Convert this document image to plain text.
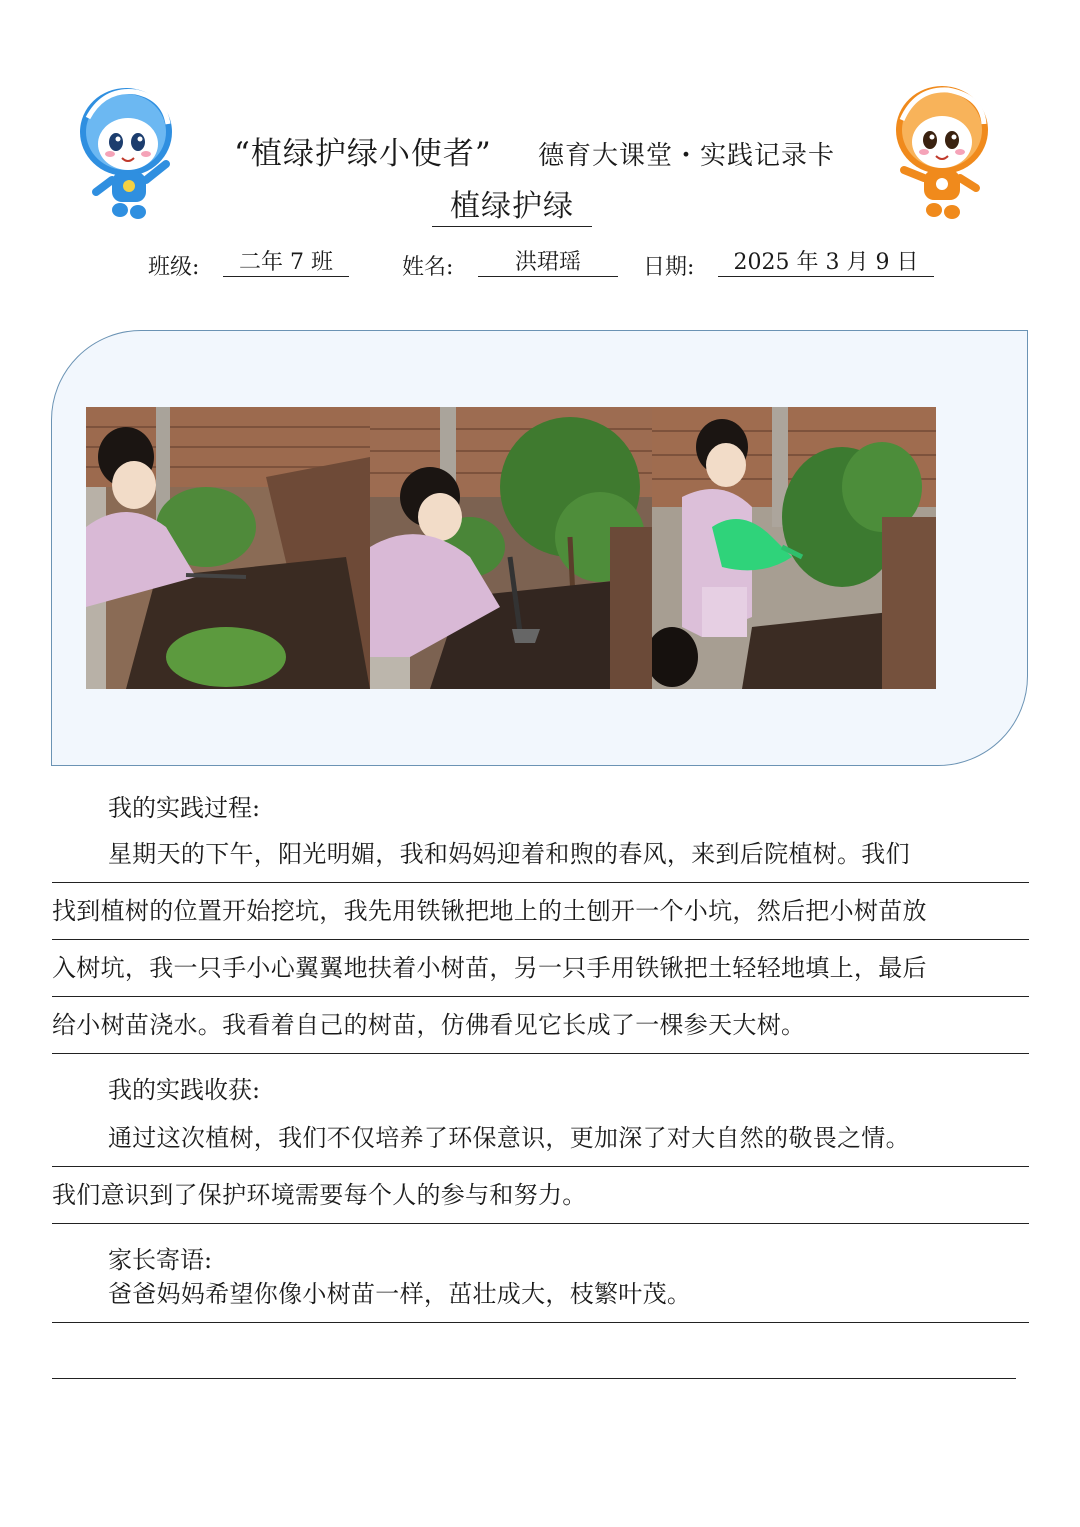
“植绿护绿小使者” 德育大课堂・实践记录卡
植绿护绿
班级:	二年 7 班	姓名:	洪珺瑶	日期:	2025 年 3 月 9 日
我的实践过程:
星期天的下午，阳光明媚，我和妈妈迎着和煦的春风，来到后院植树。我们
找到植树的位置开始挖坑，我先用铁锹把地上的土刨开一个小坑，然后把小树苗放
入树坑，我一只手小心翼翼地扶着小树苗，另一只手用铁锹把土轻轻地填上，最后
给小树苗浇水。我看着自己的树苗，仿佛看见它长成了一棵参天大树。
我的实践收获:
通过这次植树，我们不仅培养了环保意识，更加深了对大自然的敬畏之情。
我们意识到了保护环境需要每个人的参与和努力。
家长寄语:
爸爸妈妈希望你像小树苗一样，茁壮成大，枝繁叶茂。
